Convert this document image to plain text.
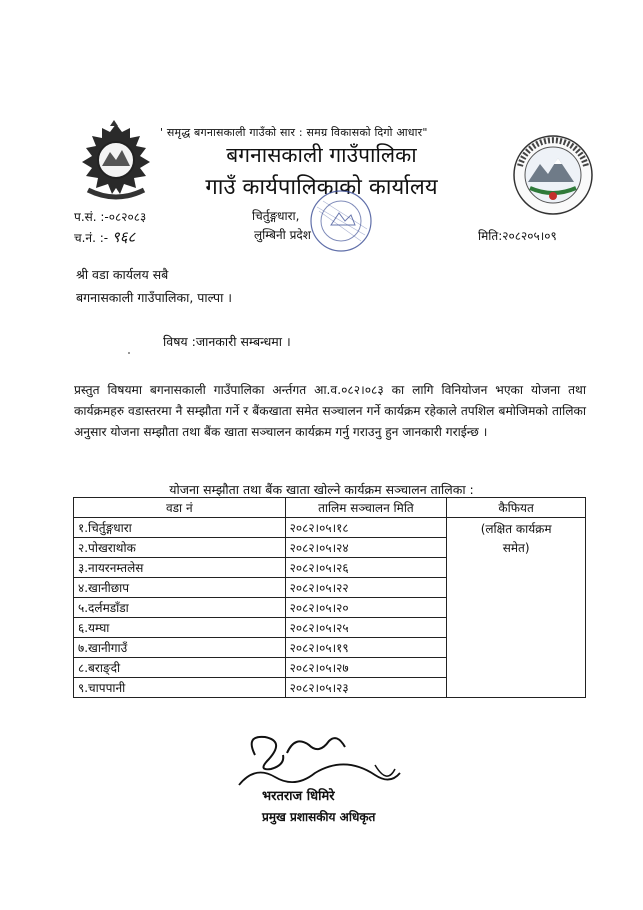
' समृद्ध बगनासकाली गाउँको सार : समग्र विकासको दिगो आधार"
बगनासकाली गाउँपालिका
गाउँ कार्यपालिकाको कार्यालय
प.सं. :-०८२०८३
च.नं. :- ९६८
चिर्तुङ्गधारा,
लुम्बिनी प्रदेश	मिति:२०८२०५।०९
श्री वडा कार्यलय सबै
बगनासकाली गाउँपालिका, पाल्पा ।
विषय :जानकारी सम्बन्धमा ।
प्रस्तुत विषयमा बगनासकाली गाउँपालिका अर्न्तगत आ.व.०८२।०८३ का लागि विनियोजन भएका योजना तथा कार्यक्रमहरु वडास्तरमा नै सम्झौता गर्ने र बैंकखाता समेत सञ्चालन गर्ने कार्यक्रम रहेकाले तपशिल बमोजिमको तालिका अनुसार योजना सम्झौता तथा बैंक खाता सञ्चालन कार्यक्रम गर्नु गराउनु हुन जानकारी गराईन्छ ।
योजना सम्झौता तथा बैंक खाता खोल्ने कार्यक्रम सञ्चालन तालिका :
वडा नं	तालिम सञ्चालन मिति	कैफियत
१.चिर्तुङ्गधारा	२०८२।०५।१८	(लक्षित कार्यक्रम
समेत)

२.पोखराथोक	२०८२।०५।२४	
३.नायरनम्तलेस	२०८२।०५।२६	
४.खानीछाप	२०८२।०५।२२	
५.दर्लमडाँडा	२०८२।०५।२०	
६.यम्घा	२०८२।०५।२५	
७.खानीगाउँ	२०८२।०५।१९	
८.बराङ्दी	२०८२।०५।२७	
९.चापपानी	२०८२।०५।२३	
भरतराज धिमिरे
प्रमुख प्रशासकीय अधिकृत
